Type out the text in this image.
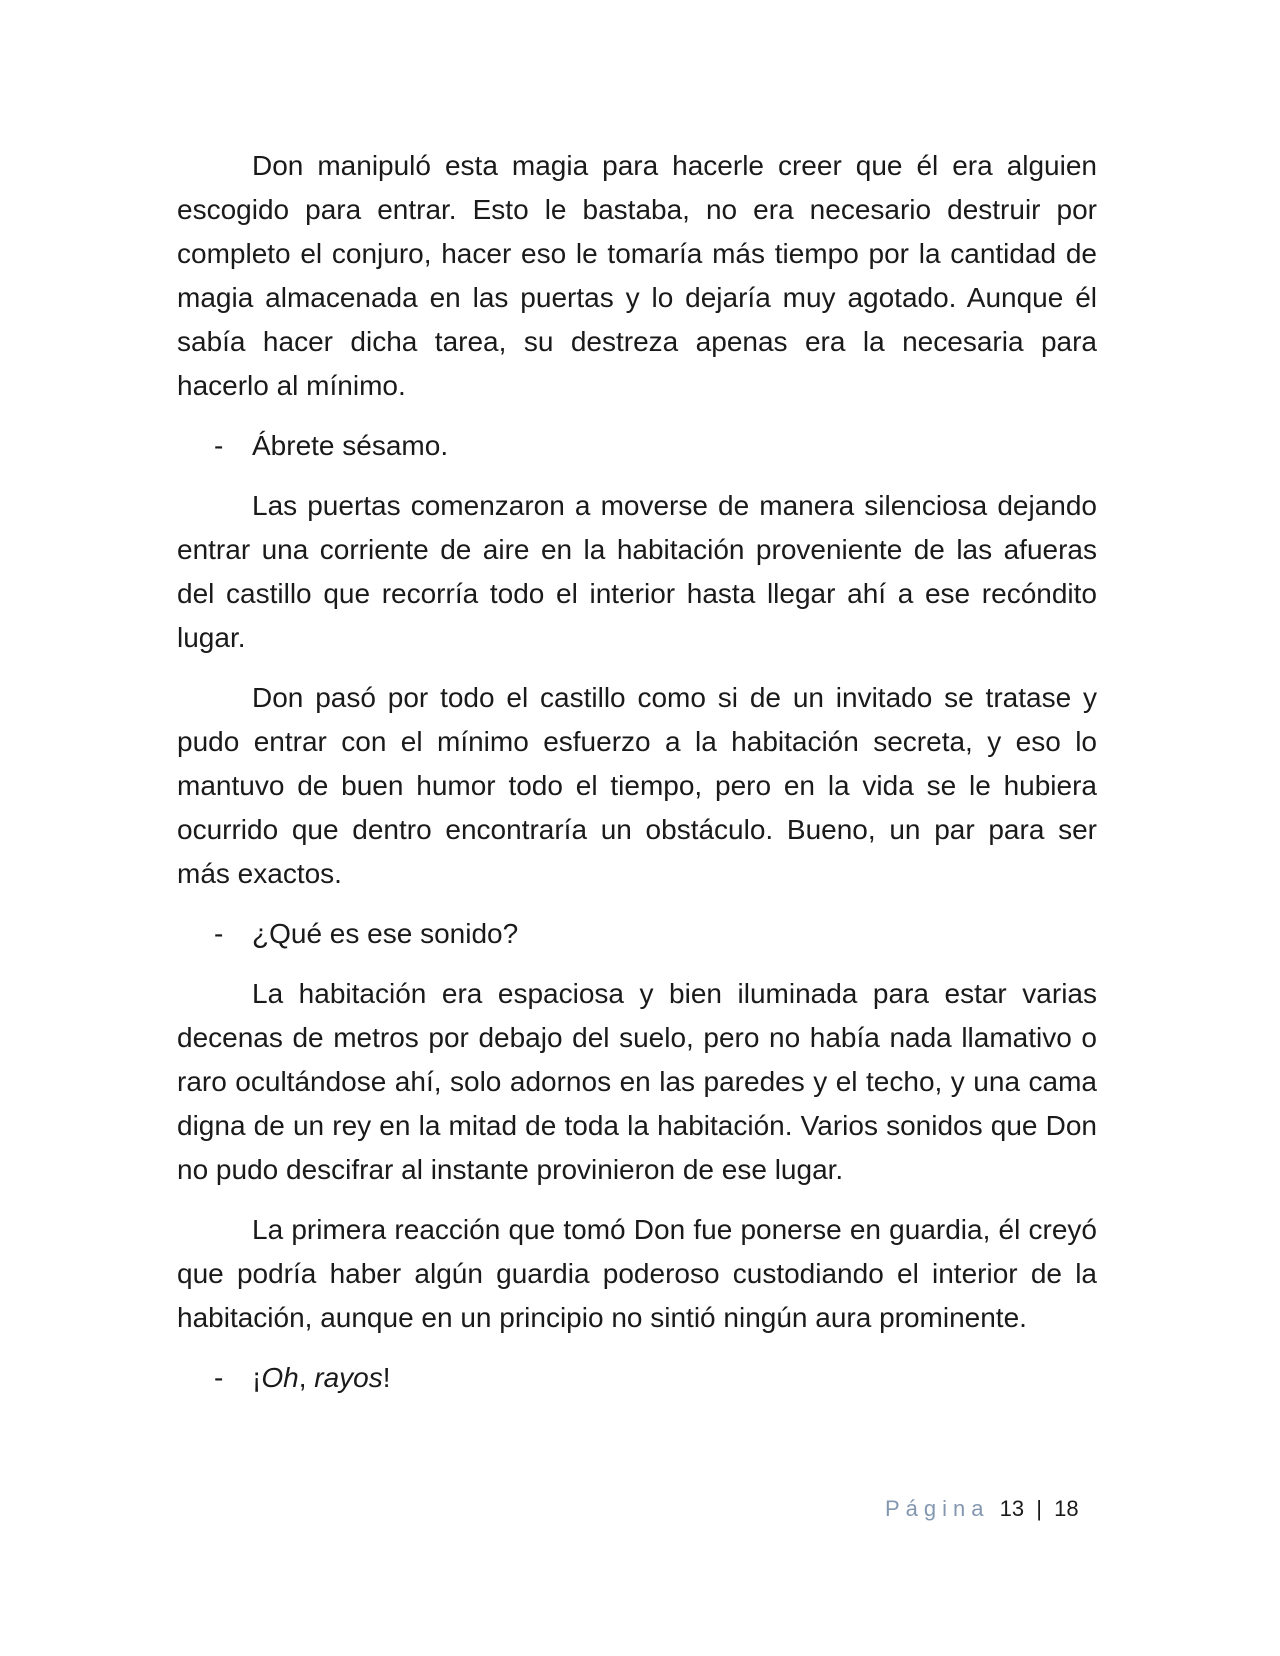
Don manipuló esta magia para hacerle creer que él era alguien escogido para entrar. Esto le bastaba, no era necesario destruir por completo el conjuro, hacer eso le tomaría más tiempo por la cantidad de magia almacenada en las puertas y lo dejaría muy agotado. Aunque él sabía hacer dicha tarea, su destreza apenas era la necesaria para hacerlo al mínimo.

- Ábrete sésamo.

Las puertas comenzaron a moverse de manera silenciosa dejando entrar una corriente de aire en la habitación proveniente de las afueras del castillo que recorría todo el interior hasta llegar ahí a ese recóndito lugar.

Don pasó por todo el castillo como si de un invitado se tratase y pudo entrar con el mínimo esfuerzo a la habitación secreta, y eso lo mantuvo de buen humor todo el tiempo, pero en la vida se le hubiera ocurrido que dentro encontraría un obstáculo. Bueno, un par para ser más exactos.

- ¿Qué es ese sonido?

La habitación era espaciosa y bien iluminada para estar varias decenas de metros por debajo del suelo, pero no había nada llamativo o raro ocultándose ahí, solo adornos en las paredes y el techo, y una cama digna de un rey en la mitad de toda la habitación. Varios sonidos que Don no pudo descifrar al instante provinieron de ese lugar.

La primera reacción que tomó Don fue ponerse en guardia, él creyó que podría haber algún guardia poderoso custodiando el interior de la habitación, aunque en un principio no sintió ningún aura prominente.

- ¡Oh, rayos!

Página 13 | 18
